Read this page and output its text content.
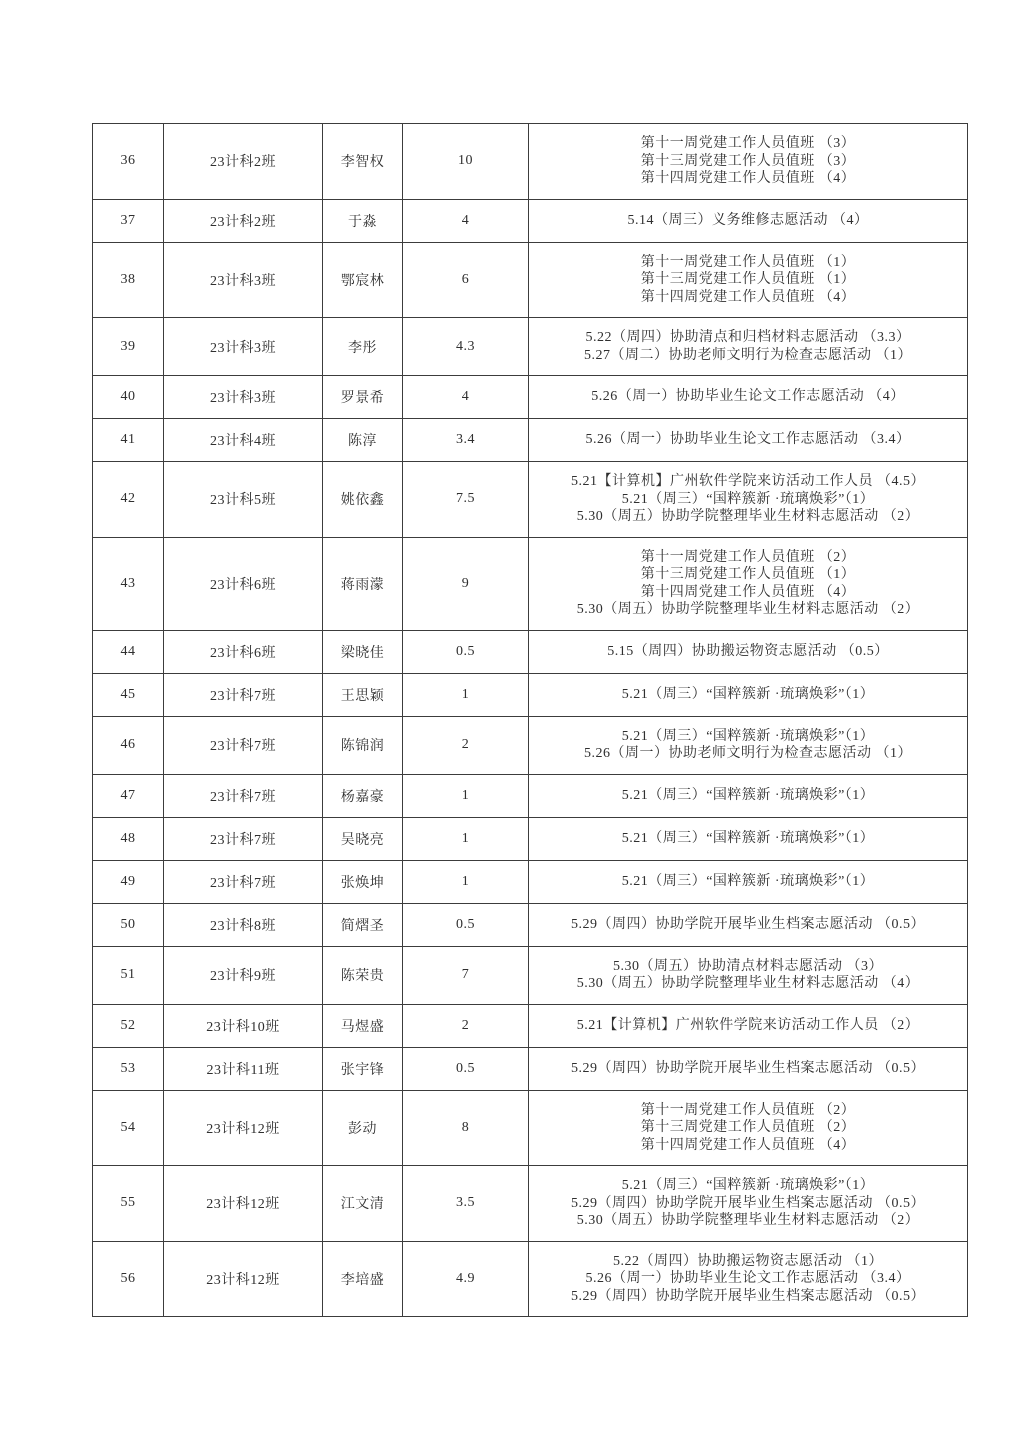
36	23计科2班	李智权	10	第十一周党建工作人员值班 （3）
第十三周党建工作人员值班 （3）
第十四周党建工作人员值班 （4）

37	23计科2班	于淼	4	5.14（周三）义务维修志愿活动 （4）

38	23计科3班	鄂宸林	6	第十一周党建工作人员值班 （1）
第十三周党建工作人员值班 （1）
第十四周党建工作人员值班 （4）

39	23计科3班	李彤	4.3	5.22（周四）协助清点和归档材料志愿活动 （3.3）
5.27（周二）协助老师文明行为检查志愿活动 （1）

40	23计科3班	罗景希	4	5.26（周一）协助毕业生论文工作志愿活动 （4）

41	23计科4班	陈淳	3.4	5.26（周一）协助毕业生论文工作志愿活动 （3.4）

42	23计科5班	姚依鑫	7.5	5.21【计算机】广州软件学院来访活动工作人员 （4.5）
5.21（周三）“国粹簇新 ·琉璃焕彩”（1）
5.30（周五）协助学院整理毕业生材料志愿活动 （2）

43	23计科6班	蒋雨濛	9	第十一周党建工作人员值班 （2）
第十三周党建工作人员值班 （1）
第十四周党建工作人员值班 （4）
5.30（周五）协助学院整理毕业生材料志愿活动 （2）

44	23计科6班	梁晓佳	0.5	5.15（周四）协助搬运物资志愿活动 （0.5）

45	23计科7班	王思颖	1	5.21（周三）“国粹簇新 ·琉璃焕彩”（1）

46	23计科7班	陈锦润	2	5.21（周三）“国粹簇新 ·琉璃焕彩”（1）
5.26（周一）协助老师文明行为检查志愿活动 （1）

47	23计科7班	杨嘉豪	1	5.21（周三）“国粹簇新 ·琉璃焕彩”（1）

48	23计科7班	吴晓亮	1	5.21（周三）“国粹簇新 ·琉璃焕彩”（1）

49	23计科7班	张焕坤	1	5.21（周三）“国粹簇新 ·琉璃焕彩”（1）

50	23计科8班	简熠圣	0.5	5.29（周四）协助学院开展毕业生档案志愿活动 （0.5）

51	23计科9班	陈荣贵	7	5.30（周五）协助清点材料志愿活动 （3）
5.30（周五）协助学院整理毕业生材料志愿活动 （4）

52	23计科10班	马煜盛	2	5.21【计算机】广州软件学院来访活动工作人员 （2）

53	23计科11班	张宇锋	0.5	5.29（周四）协助学院开展毕业生档案志愿活动 （0.5）

54	23计科12班	彭动	8	第十一周党建工作人员值班 （2）
第十三周党建工作人员值班 （2）
第十四周党建工作人员值班 （4）

55	23计科12班	江文清	3.5	5.21（周三）“国粹簇新 ·琉璃焕彩”（1）
5.29（周四）协助学院开展毕业生档案志愿活动 （0.5）
5.30（周五）协助学院整理毕业生材料志愿活动 （2）

56	23计科12班	李培盛	4.9	5.22（周四）协助搬运物资志愿活动 （1）
5.26（周一）协助毕业生论文工作志愿活动 （3.4）
5.29（周四）协助学院开展毕业生档案志愿活动 （0.5）
